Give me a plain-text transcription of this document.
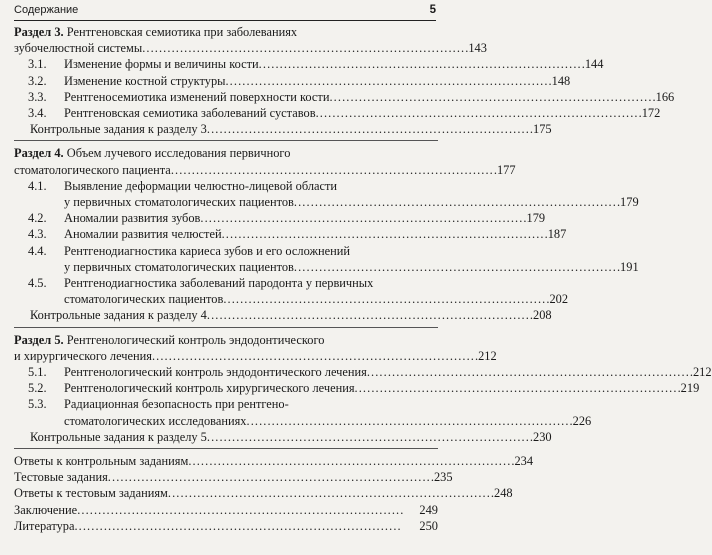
Содержание	5
Раздел 3. Рентгеновская семиотика при заболеваниях
зубочелюстной системы . . .	143
3.1.	Изменение формы и величины кости . . .	144
3.2.	Изменение костной структуры . . .	148
3.3.	Рентгеносемиотика изменений поверхности кости . . .	166
3.4.	Рентгеновская семиотика заболеваний суставов . . .	172
Контрольные задания к разделу 3 . . .	175
Раздел 4. Объем лучевого исследования первичного
стоматологического пациента . . .	177
4.1. Выявление деформации челюстно-лицевой области
у первичных стоматологических пациентов . . .	179
4.2.	Аномалии развития зубов . . .	179
4.3.	Аномалии развития челюстей . . .	187
4.4. Рентгенодиагностика кариеса зубов и его осложнений
у первичных стоматологических пациентов . . .	191
4.5. Рентгенодиагностика заболеваний пародонта у первичных
стоматологических пациентов . . .	202
Контрольные задания к разделу 4 . . .	208
Раздел 5. Рентгенологический контроль эндодонтического
и хирургического лечения . . .	212
5.1.	Рентгенологический контроль эндодонтического лечения . . .	212
5.2.	Рентгенологический контроль хирургического лечения . . .	219
5.3. Радиационная безопасность при рентгено-
стоматологических исследованиях . . .	226
Контрольные задания к разделу 5 . . .	230
Ответы к контрольным заданиям . . .	234
Тестовые задания . . .	235
Ответы к тестовым заданиям . . .	248
Заключение . . .	249
Литература . . .	250
